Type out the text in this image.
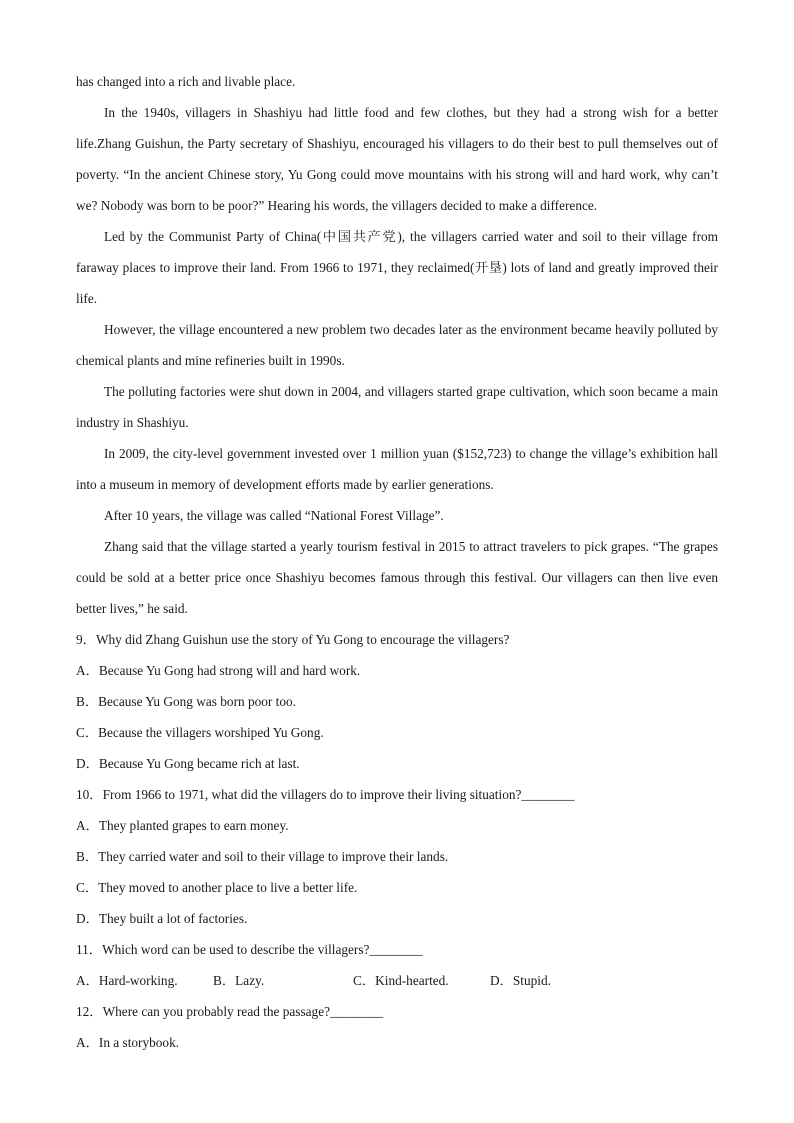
has changed into a rich and livable place.

In the 1940s, villagers in Shashiyu had little food and few clothes, but they had a strong wish for a better life.Zhang Guishun, the Party secretary of Shashiyu, encouraged his villagers to do their best to pull themselves out of poverty. “In the ancient Chinese story, Yu Gong could move mountains with his strong will and hard work, why can’t we? Nobody was born to be poor?” Hearing his words, the villagers decided to make a difference.

Led by the Communist Party of China(中国共产党), the villagers carried water and soil to their village from faraway places to improve their land. From 1966 to 1971, they reclaimed(开垦) lots of land and greatly improved their life.

However, the village encountered a new problem two decades later as the environment became heavily polluted by chemical plants and mine refineries built in 1990s.

The polluting factories were shut down in 2004, and villagers started grape cultivation, which soon became a main industry in Shashiyu.

In 2009, the city-level government invested over 1 million yuan ($152,723) to change the village’s exhibition hall into a museum in memory of development efforts made by earlier generations.

After 10 years, the village was called “National Forest Village”.

Zhang said that the village started a yearly tourism festival in 2015 to attract travelers to pick grapes. “The grapes could be sold at a better price once Shashiyu becomes famous through this festival. Our villagers can then live even better lives,” he said.

9．Why did Zhang Guishun use the story of Yu Gong to encourage the villagers?

A．Because Yu Gong had strong will and hard work.

B．Because Yu Gong was born poor too.

C．Because the villagers worshiped Yu Gong.

D．Because Yu Gong became rich at last.

10．From 1966 to 1971, what did the villagers do to improve their living situation?________

A．They planted grapes to earn money.

B．They carried water and soil to their village to improve their lands.

C．They moved to another place to live a better life.

D．They built a lot of factories.

11．Which word can be used to describe the villagers?________

A．Hard-working.	B．Lazy.	C．Kind-hearted.	D．Stupid.

12．Where can you probably read the passage?________

A．In a storybook.
